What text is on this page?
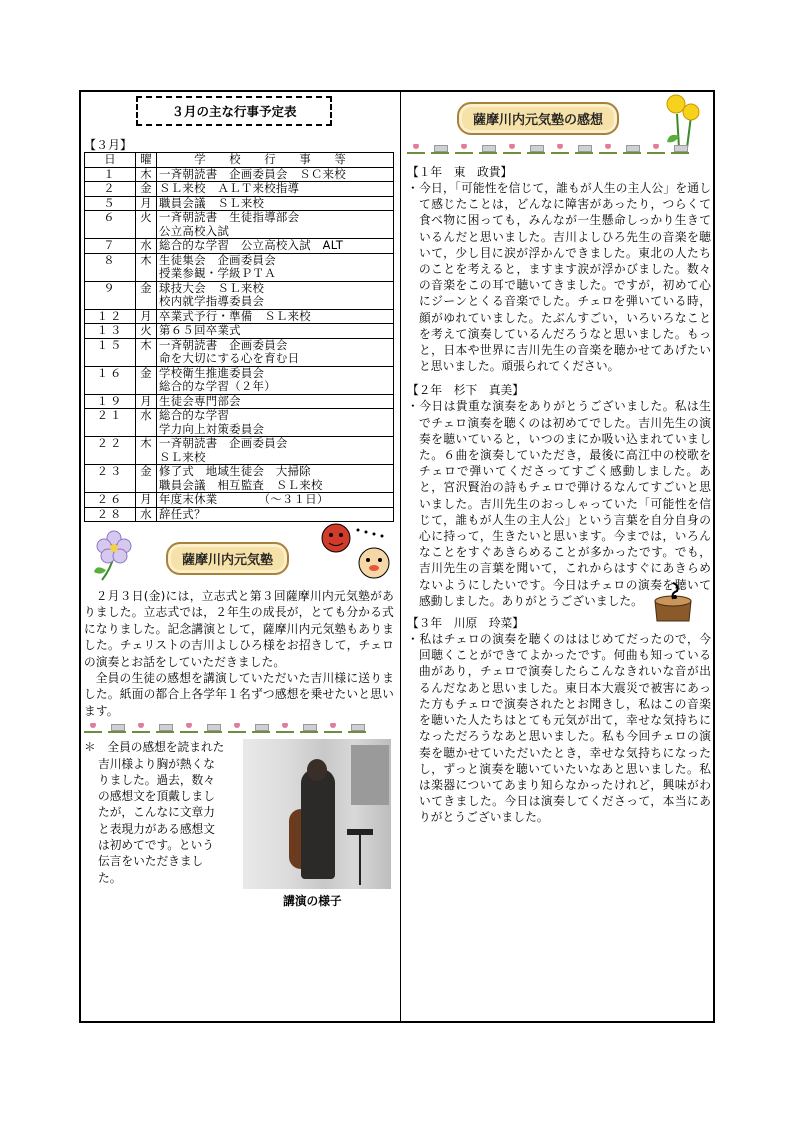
３月の主な行事予定表
【３月】
日	曜	学 校 行 事 等
１	木	一斉朝読書　企画委員会　ＳＣ来校

２	金	ＳＬ来校　ＡＬＴ来校指導

５	月	職員会議　ＳＬ来校

６	火	一斉朝読書　生徒指導部会
公立高校入試

７	水	総合的な学習　公立高校入試　ALT

８	木	生徒集会　企画委員会
授業参観・学級ＰＴＡ

９	金	球技大会　ＳＬ来校
校内就学指導委員会

１２	月	卒業式予行・準備　ＳＬ来校

１３	火	第６５回卒業式

１５	木	一斉朝読書　企画委員会
命を大切にする心を育む日

１６	金	学校衛生推進委員会
総合的な学習（２年）

１９	月	生徒会専門部会

２１	水	総合的な学習
学力向上対策委員会

２２	木	一斉朝読書　企画委員会
ＳＬ来校

２３	金	修了式　地域生徒会　大掃除
職員会議　相互監査　ＳＬ来校

２６	月	年度末休業　　　　（～３１日）

２８	水	辞任式？
薩摩川内元気塾

２月３日(金)には，立志式と第３回薩摩川内元気塾がありました。立志式では，２年生の成長が，とても分かる式になりました。記念講演として，薩摩川内元気塾もありました。チェリストの吉川よしひろ様をお招きして，チェロの演奏とお話をしていただきました。

全員の生徒の感想を講演していただいた吉川様に送りました。紙面の都合上各学年１名ずつ感想を乗せたいと思います。

＊　全員の感想を読まれた吉川様より胸が熱くなりました。過去，数々の感想文を頂戴しましたが，こんなに文章力と表現力がある感想文は初めてです。という伝言をいただきました。
講演の様子
薩摩川内元気塾の感想
【１年　東　政貴】
・今日，「可能性を信じて，誰もが人生の主人公」を通して感じたことは，どんなに障害があったり，つらくて食べ物に困っても，みんなが一生懸命しっかり生きているんだと思いました。吉川よしひろ先生の音楽を聴いて，少し目に涙が浮かんできました。東北の人たちのことを考えると，ますます涙が浮かびました。数々の音楽をこの耳で聴いてきました。ですが，初めて心にジーンとくる音楽でした。チェロを弾いている時，顔がゆれていました。たぶんすごい，いろいろなことを考えて演奏しているんだろうなと思いました。もっと，日本や世界に吉川先生の音楽を聴かせてあげたいと思いました。頑張られてください。
【２年　杉下　真美】
・今日は貴重な演奏をありがとうございました。私は生でチェロ演奏を聴くのは初めてでした。吉川先生の演奏を聴いていると，いつのまにか吸い込まれていました。６曲を演奏していただき，最後に高江中の校歌をチェロで弾いてくださってすごく感動しました。あと，宮沢賢治の詩もチェロで弾けるなんてすごいと思いました。吉川先生のおっしゃっていた「可能性を信じて，誰もが人生の主人公」という言葉を自分自身の心に持って，生きたいと思います。今までは，いろんなことをすぐあきらめることが多かったです。でも，吉川先生の言葉を聞いて，これからはすぐにあきらめないようにしたいです。今日はチェロの演奏を聴いて感動しました。ありがとうございました。
【３年　川原　玲菜】
・私はチェロの演奏を聴くのははじめてだったので，今回聴くことができてよかったです。何曲も知っている曲があり，チェロで演奏したらこんなきれいな音が出るんだなあと思いました。東日本大震災で被害にあった方もチェロで演奏されたとお聞きし，私はこの音楽を聴いた人たちはとても元気が出て，幸せな気持ちになっただろうなあと思いました。私も今回チェロの演奏を聴かせていただいたとき，幸せな気持ちになったし，ずっと演奏を聴いていたいなあと思いました。私は楽器についてあまり知らなかったけれど，興味がわいてきました。今日は演奏してくださって，本当にありがとうございました。
